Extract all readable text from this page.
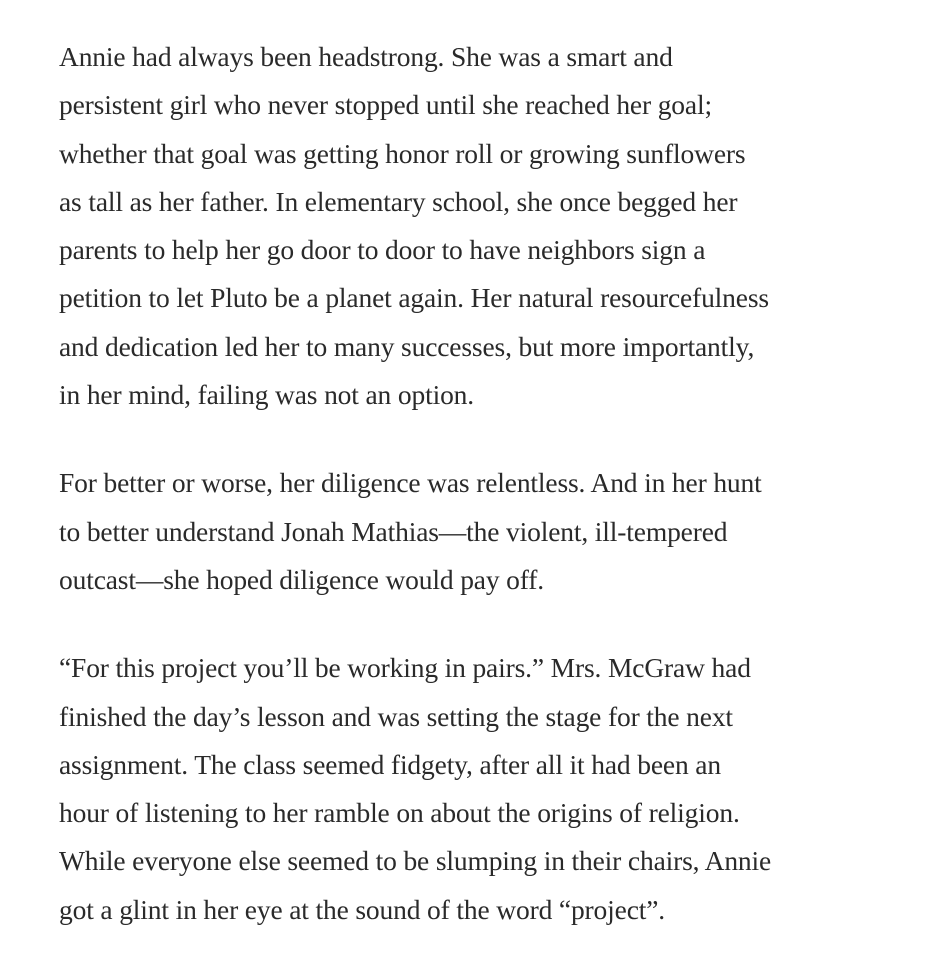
Annie had always been headstrong. She was a smart and
persistent girl who never stopped until she reached her goal;
whether that goal was getting honor roll or growing sunflowers
as tall as her father. In elementary school, she once begged her
parents to help her go door to door to have neighbors sign a
petition to let Pluto be a planet again. Her natural resourcefulness
and dedication led her to many successes, but more importantly,
in her mind, failing was not an option.

For better or worse, her diligence was relentless. And in her hunt
to better understand Jonah Mathias—the violent, ill-tempered
outcast—she hoped diligence would pay off.

“For this project you’ll be working in pairs.” Mrs. McGraw had
finished the day’s lesson and was setting the stage for the next
assignment. The class seemed fidgety, after all it had been an
hour of listening to her ramble on about the origins of religion.
While everyone else seemed to be slumping in their chairs, Annie
got a glint in her eye at the sound of the word “project”.
